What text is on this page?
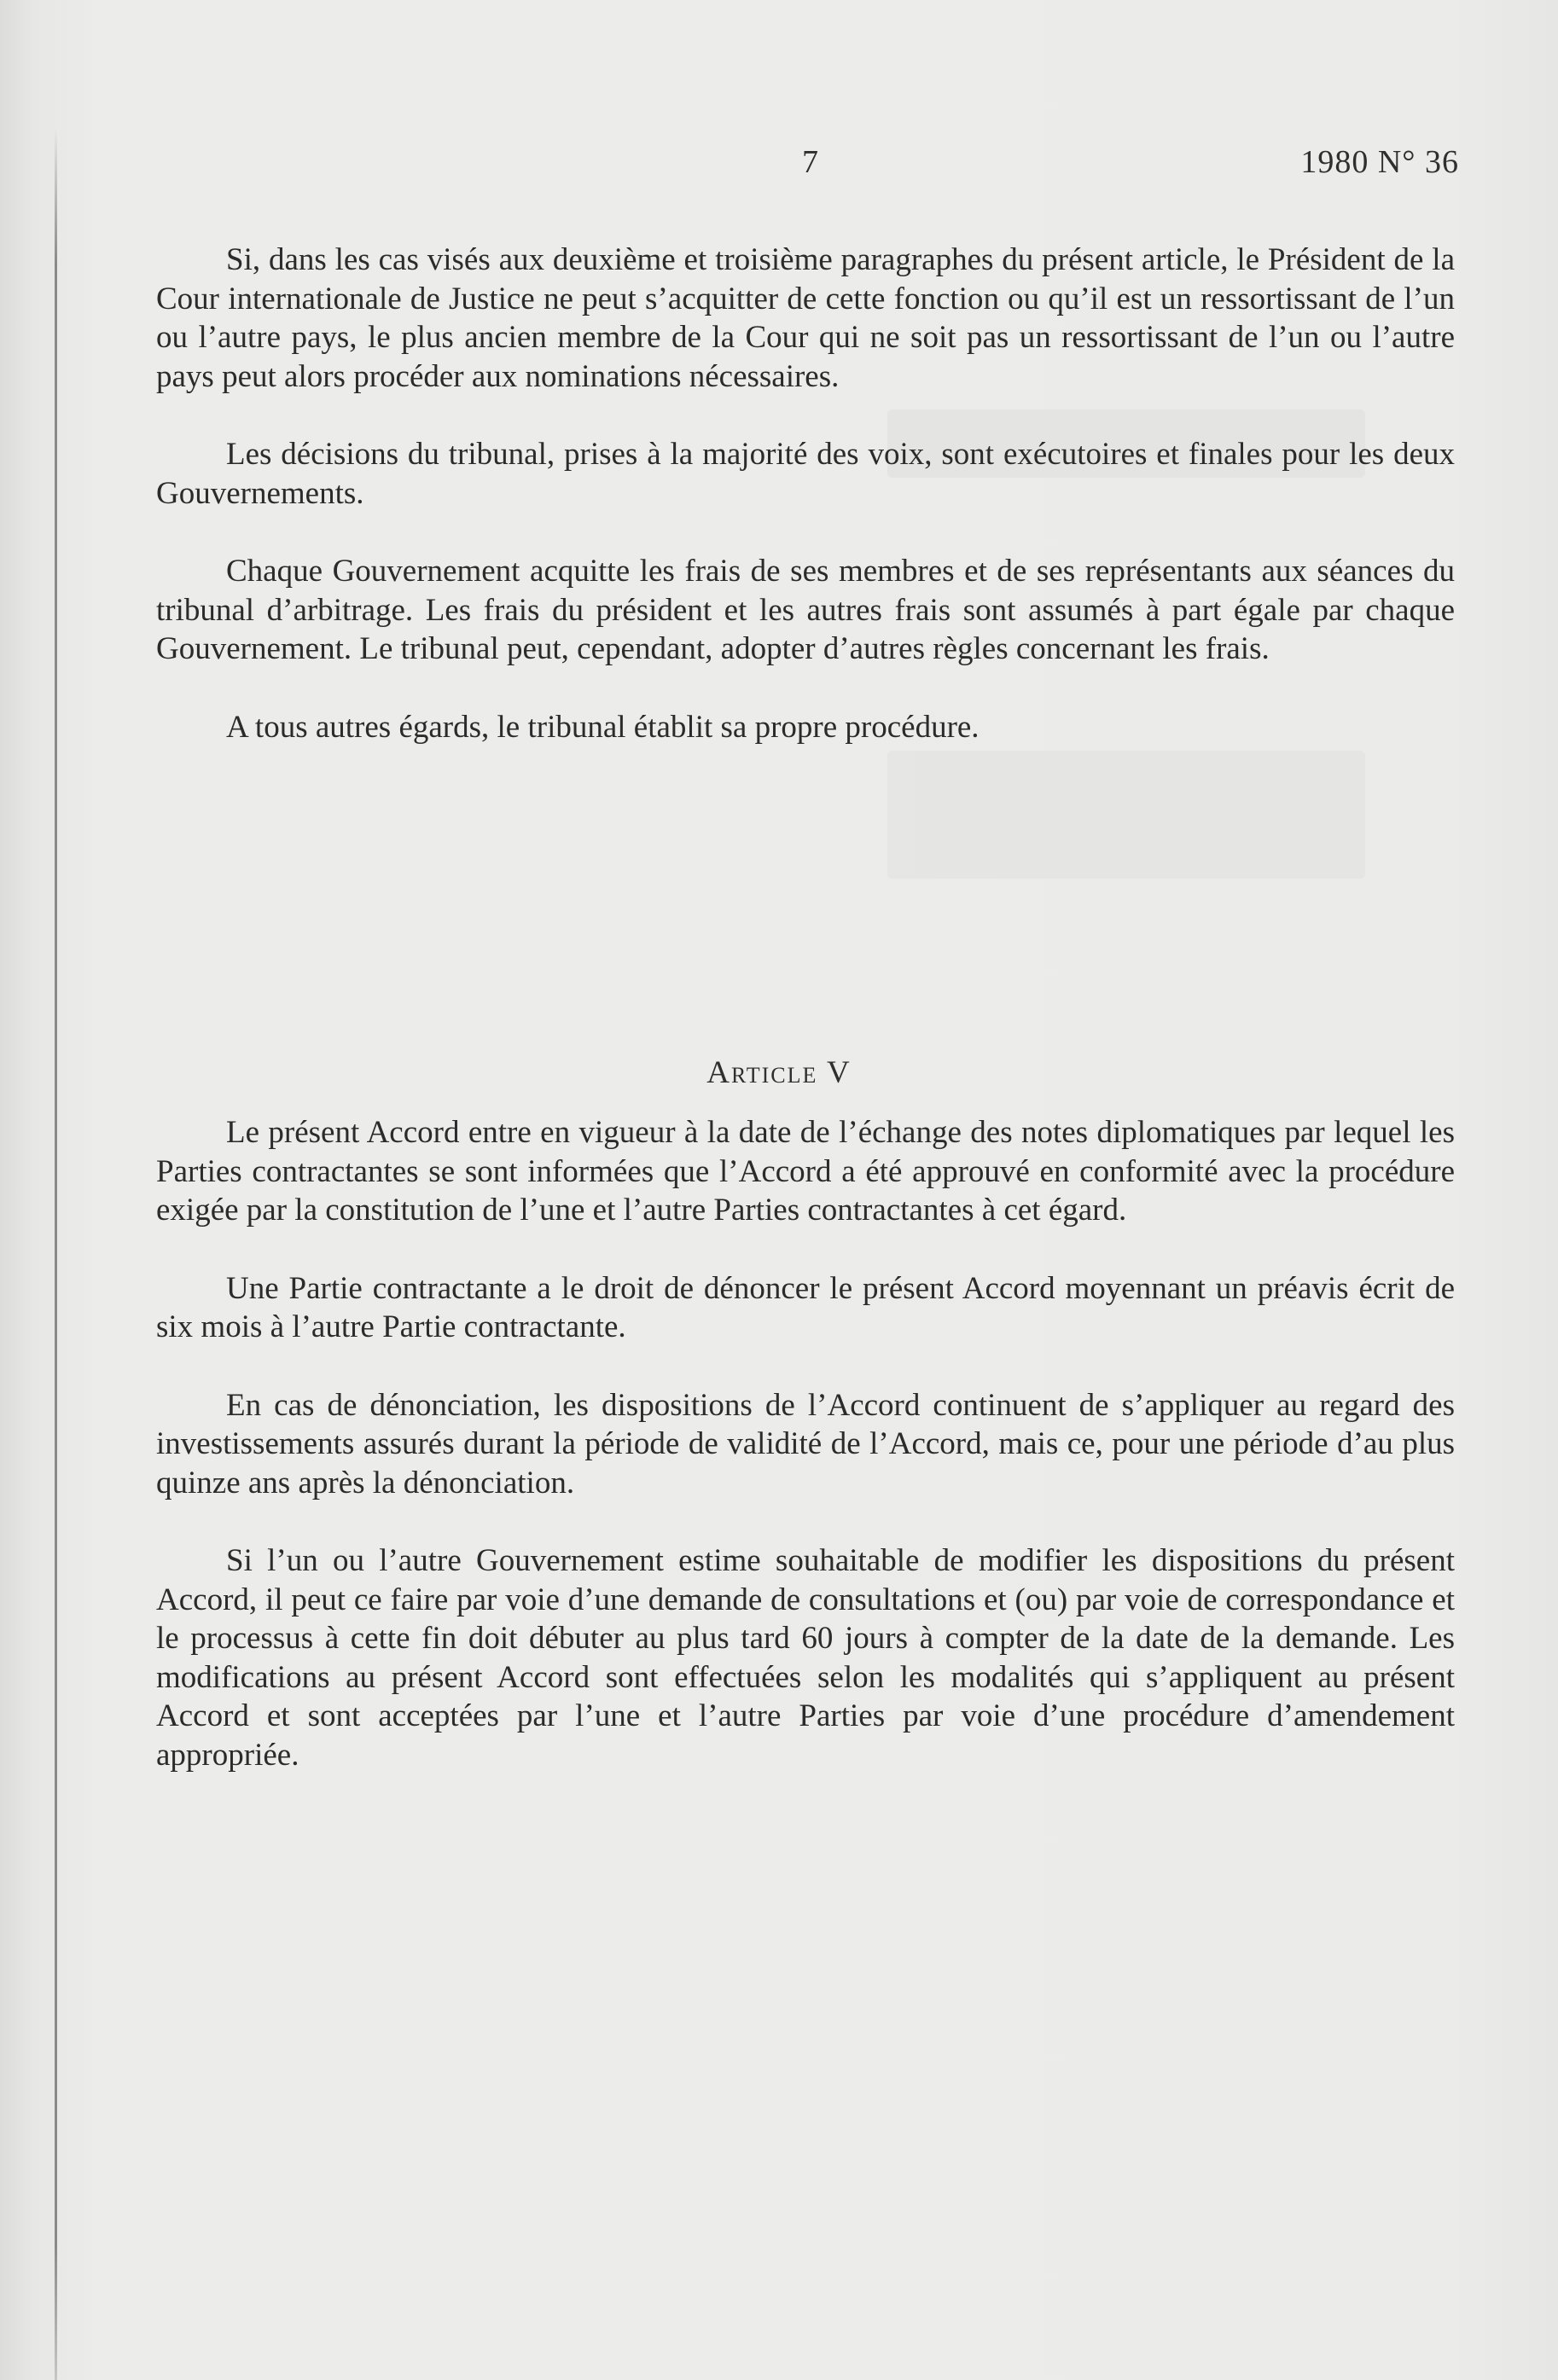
7	1980 N° 36

Si, dans les cas visés aux deuxième et troisième paragraphes du présent article, le Président de la Cour internationale de Justice ne peut s’acquitter de cette fonction ou qu’il est un ressortissant de l’un ou l’autre pays, le plus ancien membre de la Cour qui ne soit pas un ressortissant de l’un ou l’autre pays peut alors procéder aux nominations nécessaires.

Les décisions du tribunal, prises à la majorité des voix, sont exécutoires et finales pour les deux Gouvernements.

Chaque Gouvernement acquitte les frais de ses membres et de ses représentants aux séances du tribunal d’arbitrage. Les frais du président et les autres frais sont assumés à part égale par chaque Gouvernement. Le tribunal peut, cependant, adopter d’autres règles concernant les frais.

A tous autres égards, le tribunal établit sa propre procédure.

Article V

Le présent Accord entre en vigueur à la date de l’échange des notes diplomatiques par lequel les Parties contractantes se sont informées que l’Accord a été approuvé en conformité avec la procédure exigée par la constitution de l’une et l’autre Parties contractantes à cet égard.

Une Partie contractante a le droit de dénoncer le présent Accord moyennant un préavis écrit de six mois à l’autre Partie contractante.

En cas de dénonciation, les dispositions de l’Accord continuent de s’appliquer au regard des investissements assurés durant la période de validité de l’Accord, mais ce, pour une période d’au plus quinze ans après la dénonciation.

Si l’un ou l’autre Gouvernement estime souhaitable de modifier les dispositions du présent Accord, il peut ce faire par voie d’une demande de consultations et (ou) par voie de correspondance et le processus à cette fin doit débuter au plus tard 60 jours à compter de la date de la demande. Les modifications au présent Accord sont effectuées selon les modalités qui s’appliquent au présent Accord et sont acceptées par l’une et l’autre Parties par voie d’une procédure d’amendement appropriée.
